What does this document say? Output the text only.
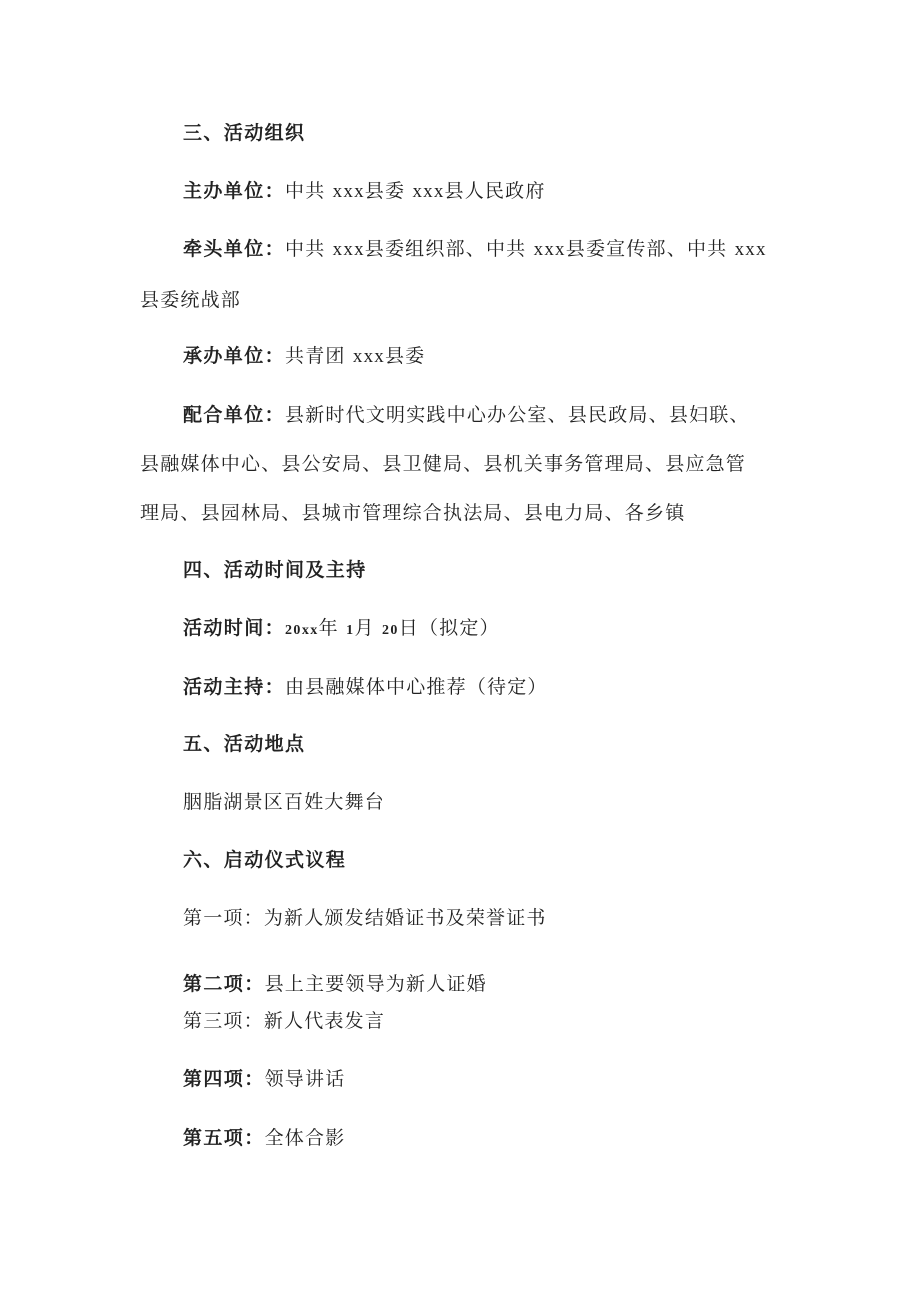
三、活动组织
主办单位：中共 xxx县委 xxx县人民政府
牵头单位：中共 xxx县委组织部、中共 xxx县委宣传部、中共 xxx
县委统战部
承办单位：共青团 xxx县委
配合单位：县新时代文明实践中心办公室、县民政局、县妇联、
县融媒体中心、县公安局、县卫健局、县机关事务管理局、县应急管
理局、县园林局、县城市管理综合执法局、县电力局、各乡镇
四、活动时间及主持
活动时间：20xx年 1月 20日（拟定）
活动主持：由县融媒体中心推荐（待定）
五、活动地点
胭脂湖景区百姓大舞台
六、启动仪式议程
第一项：为新人颁发结婚证书及荣誉证书
第二项：县上主要领导为新人证婚
第三项：新人代表发言
第四项：领导讲话
第五项：全体合影
